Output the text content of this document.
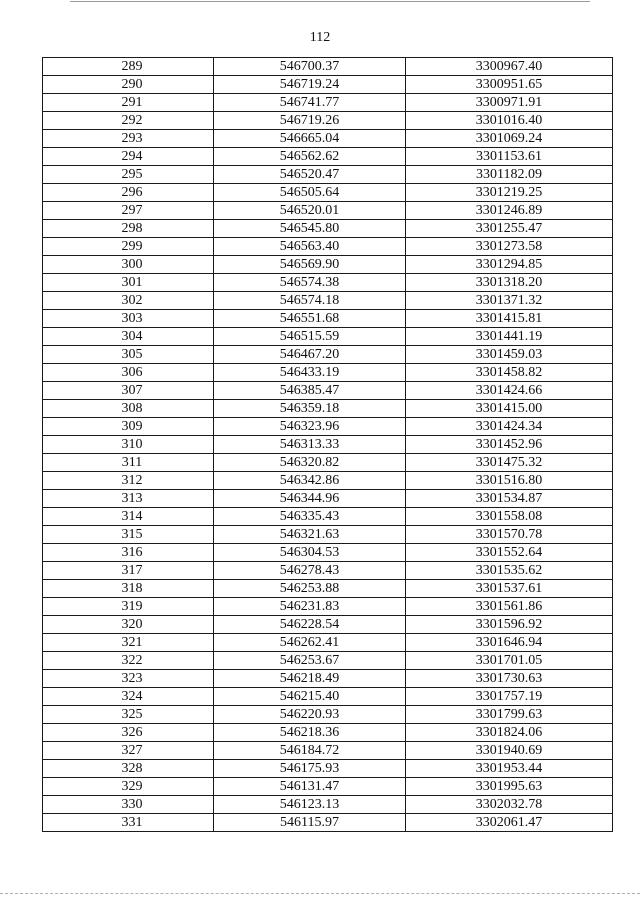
112
289	546700.37	3300967.40
290	546719.24	3300951.65
291	546741.77	3300971.91
292	546719.26	3301016.40
293	546665.04	3301069.24
294	546562.62	3301153.61
295	546520.47	3301182.09
296	546505.64	3301219.25
297	546520.01	3301246.89
298	546545.80	3301255.47
299	546563.40	3301273.58
300	546569.90	3301294.85
301	546574.38	3301318.20
302	546574.18	3301371.32
303	546551.68	3301415.81
304	546515.59	3301441.19
305	546467.20	3301459.03
306	546433.19	3301458.82
307	546385.47	3301424.66
308	546359.18	3301415.00
309	546323.96	3301424.34
310	546313.33	3301452.96
311	546320.82	3301475.32
312	546342.86	3301516.80
313	546344.96	3301534.87
314	546335.43	3301558.08
315	546321.63	3301570.78
316	546304.53	3301552.64
317	546278.43	3301535.62
318	546253.88	3301537.61
319	546231.83	3301561.86
320	546228.54	3301596.92
321	546262.41	3301646.94
322	546253.67	3301701.05
323	546218.49	3301730.63
324	546215.40	3301757.19
325	546220.93	3301799.63
326	546218.36	3301824.06
327	546184.72	3301940.69
328	546175.93	3301953.44
329	546131.47	3301995.63
330	546123.13	3302032.78
331	546115.97	3302061.47
